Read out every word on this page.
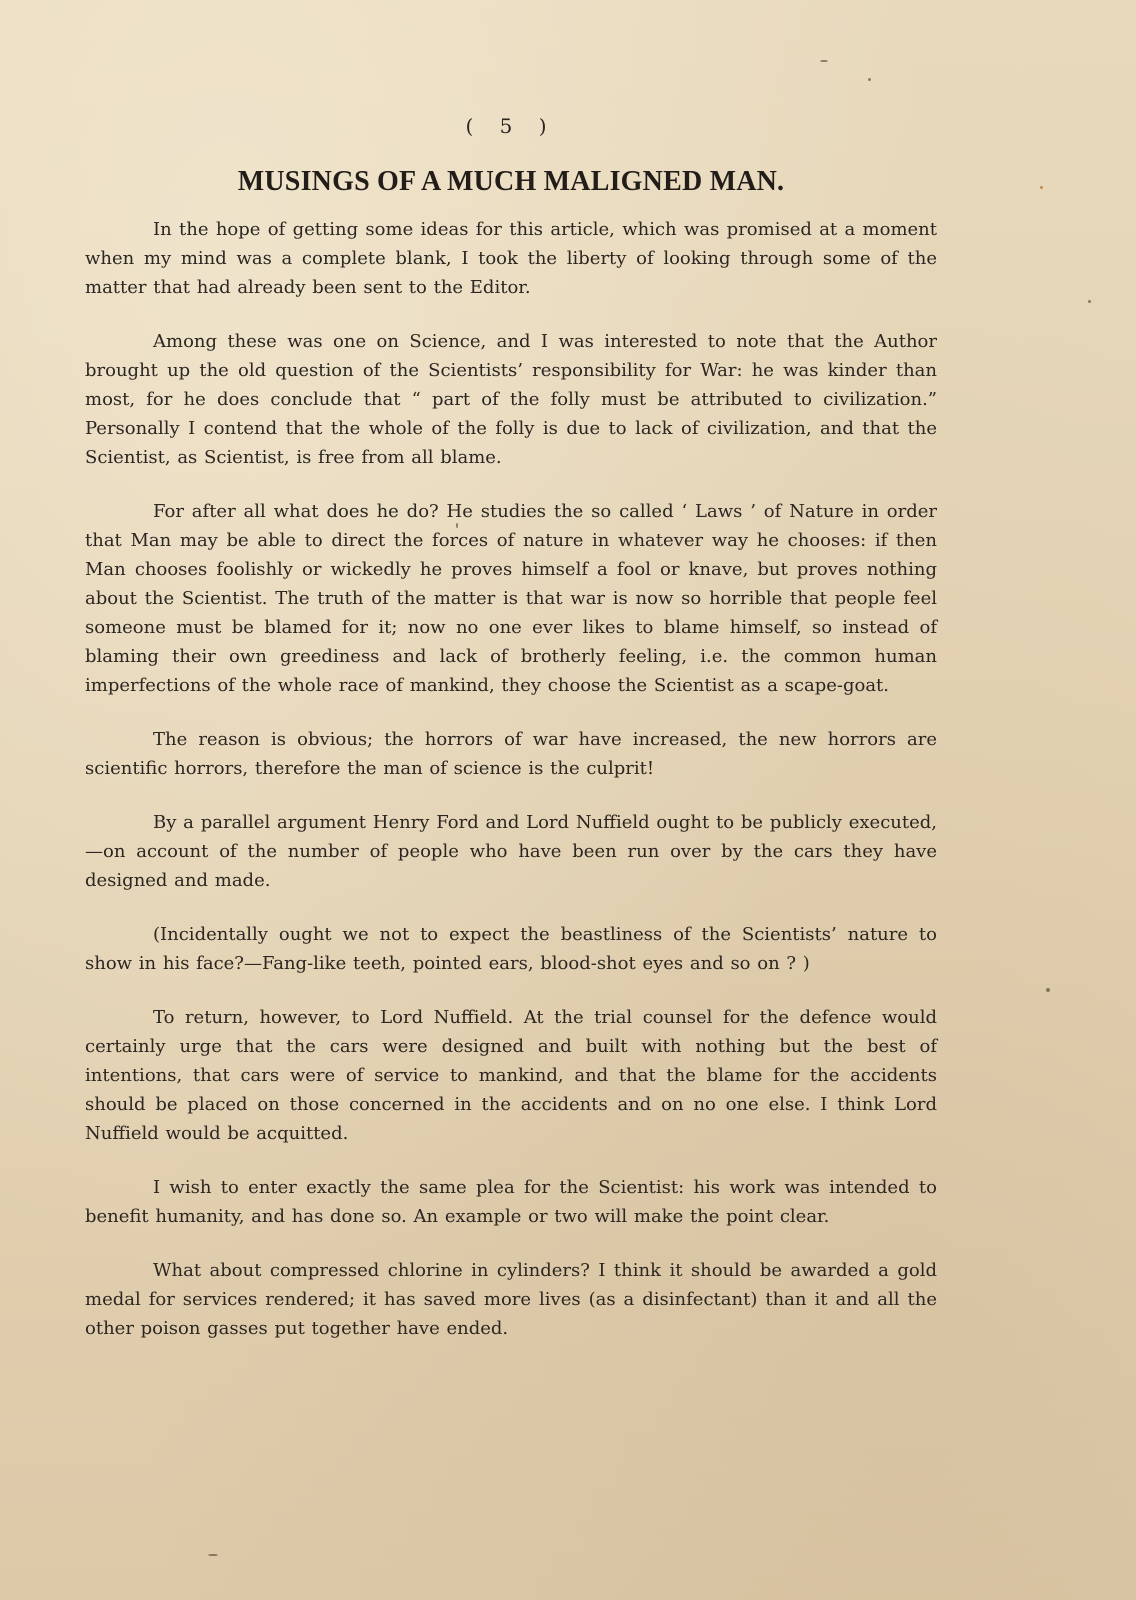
( 5 )
MUSINGS OF A MUCH MALIGNED MAN.

In the hope of getting some ideas for this article, which was promised at a moment when my mind was a complete blank, I took the liberty of looking through some of the matter that had already been sent to the Editor.

Among these was one on Science, and I was interested to note that the Author brought up the old question of the Scientists’ responsibility for War: he was kinder than most, for he does conclude that “ part of the folly must be attributed to civilization.” Personally I contend that the whole of the folly is due to lack of civilization, and that the Scientist, as Scientist, is free from all blame.

For after all what does he do? He studies the so called ‘ Laws ’ of Nature in order that Man may be able to direct the forces of nature in whatever way he chooses: if then Man chooses foolishly or wickedly he proves himself a fool or knave, but proves nothing about the Scientist. The truth of the matter is that war is now so horrible that people feel someone must be blamed for it; now no one ever likes to blame himself, so instead of blaming their own greediness and lack of brotherly feeling, i.e. the common human imperfections of the whole race of mankind, they choose the Scientist as a scape-goat.

The reason is obvious; the horrors of war have increased, the new horrors are scientific horrors, therefore the man of science is the culprit!

By a parallel argument Henry Ford and Lord Nuffield ought to be publicly executed,—on account of the number of people who have been run over by the cars they have designed and made.

(Incidentally ought we not to expect the beastliness of the Scientists’ nature to show in his face?—Fang-like teeth, pointed ears, blood-shot eyes and so on ? )

To return, however, to Lord Nuffield. At the trial counsel for the defence would certainly urge that the cars were designed and built with nothing but the best of intentions, that cars were of service to mankind, and that the blame for the accidents should be placed on those concerned in the accidents and on no one else. I think Lord Nuffield would be acquitted.

I wish to enter exactly the same plea for the Scientist: his work was intended to benefit humanity, and has done so. An example or two will make the point clear.

What about compressed chlorine in cylinders? I think it should be awarded a gold medal for services rendered; it has saved more lives (as a disinfectant) than it and all the other poison gasses put together have ended.
